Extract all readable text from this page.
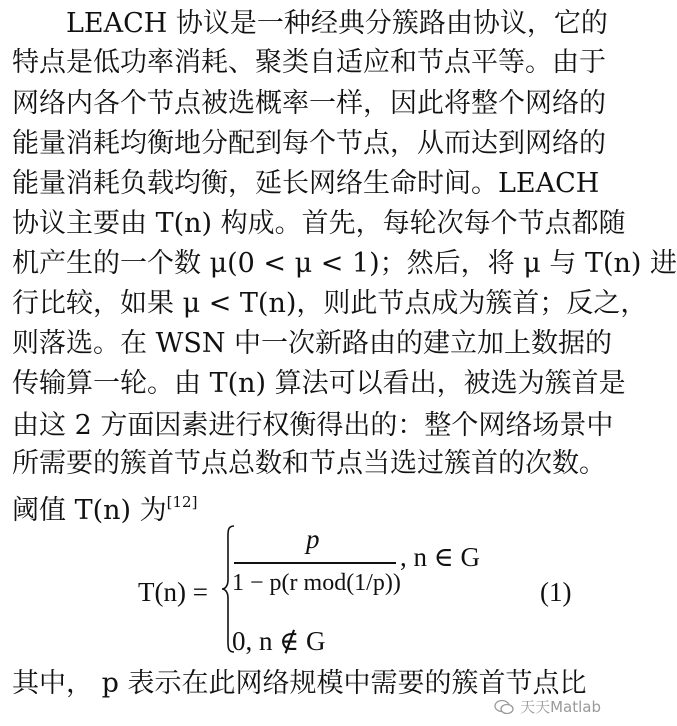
LEACH 协议是一种经典分簇路由协议，它的
特点是低功率消耗、聚类自适应和节点平等。由于
网络内各个节点被选概率一样，因此将整个网络的
能量消耗均衡地分配到每个节点，从而达到网络的
能量消耗负载均衡，延长网络生命时间。LEACH
协议主要由 T(n) 构成。首先，每轮次每个节点都随
机产生的一个数 μ(0 < μ < 1)；然后，将 μ 与 T(n) 进
行比较，如果 μ < T(n)，则此节点成为簇首；反之，
则落选。在 WSN 中一次新路由的建立加上数据的
传输算一轮。由 T(n) 算法可以看出，被选为簇首是
由这 2 方面因素进行权衡得出的：整个网络场景中
所需要的簇首节点总数和节点当选过簇首的次数。
阈值 T(n) 为[12]
T(n) =
p
1 − p(r mod(1/p))
, n ∈ G
0, n ∉ G
(1)
其中， p 表示在此网络规模中需要的簇首节点比
天天Matlab
